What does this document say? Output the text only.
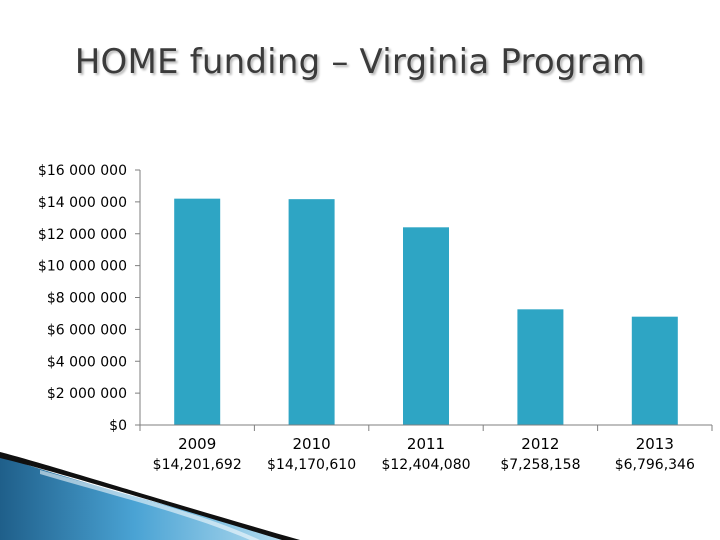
HOME funding – Virginia Program
$0
$2 000 000
$4 000 000
$6 000 000
$8 000 000
$10 000 000
$12 000 000
$14 000 000
$16 000 000
2009
$14,201,692
2010
$14,170,610
2011
$12,404,080
2012
$7,258,158
2013
$6,796,346
